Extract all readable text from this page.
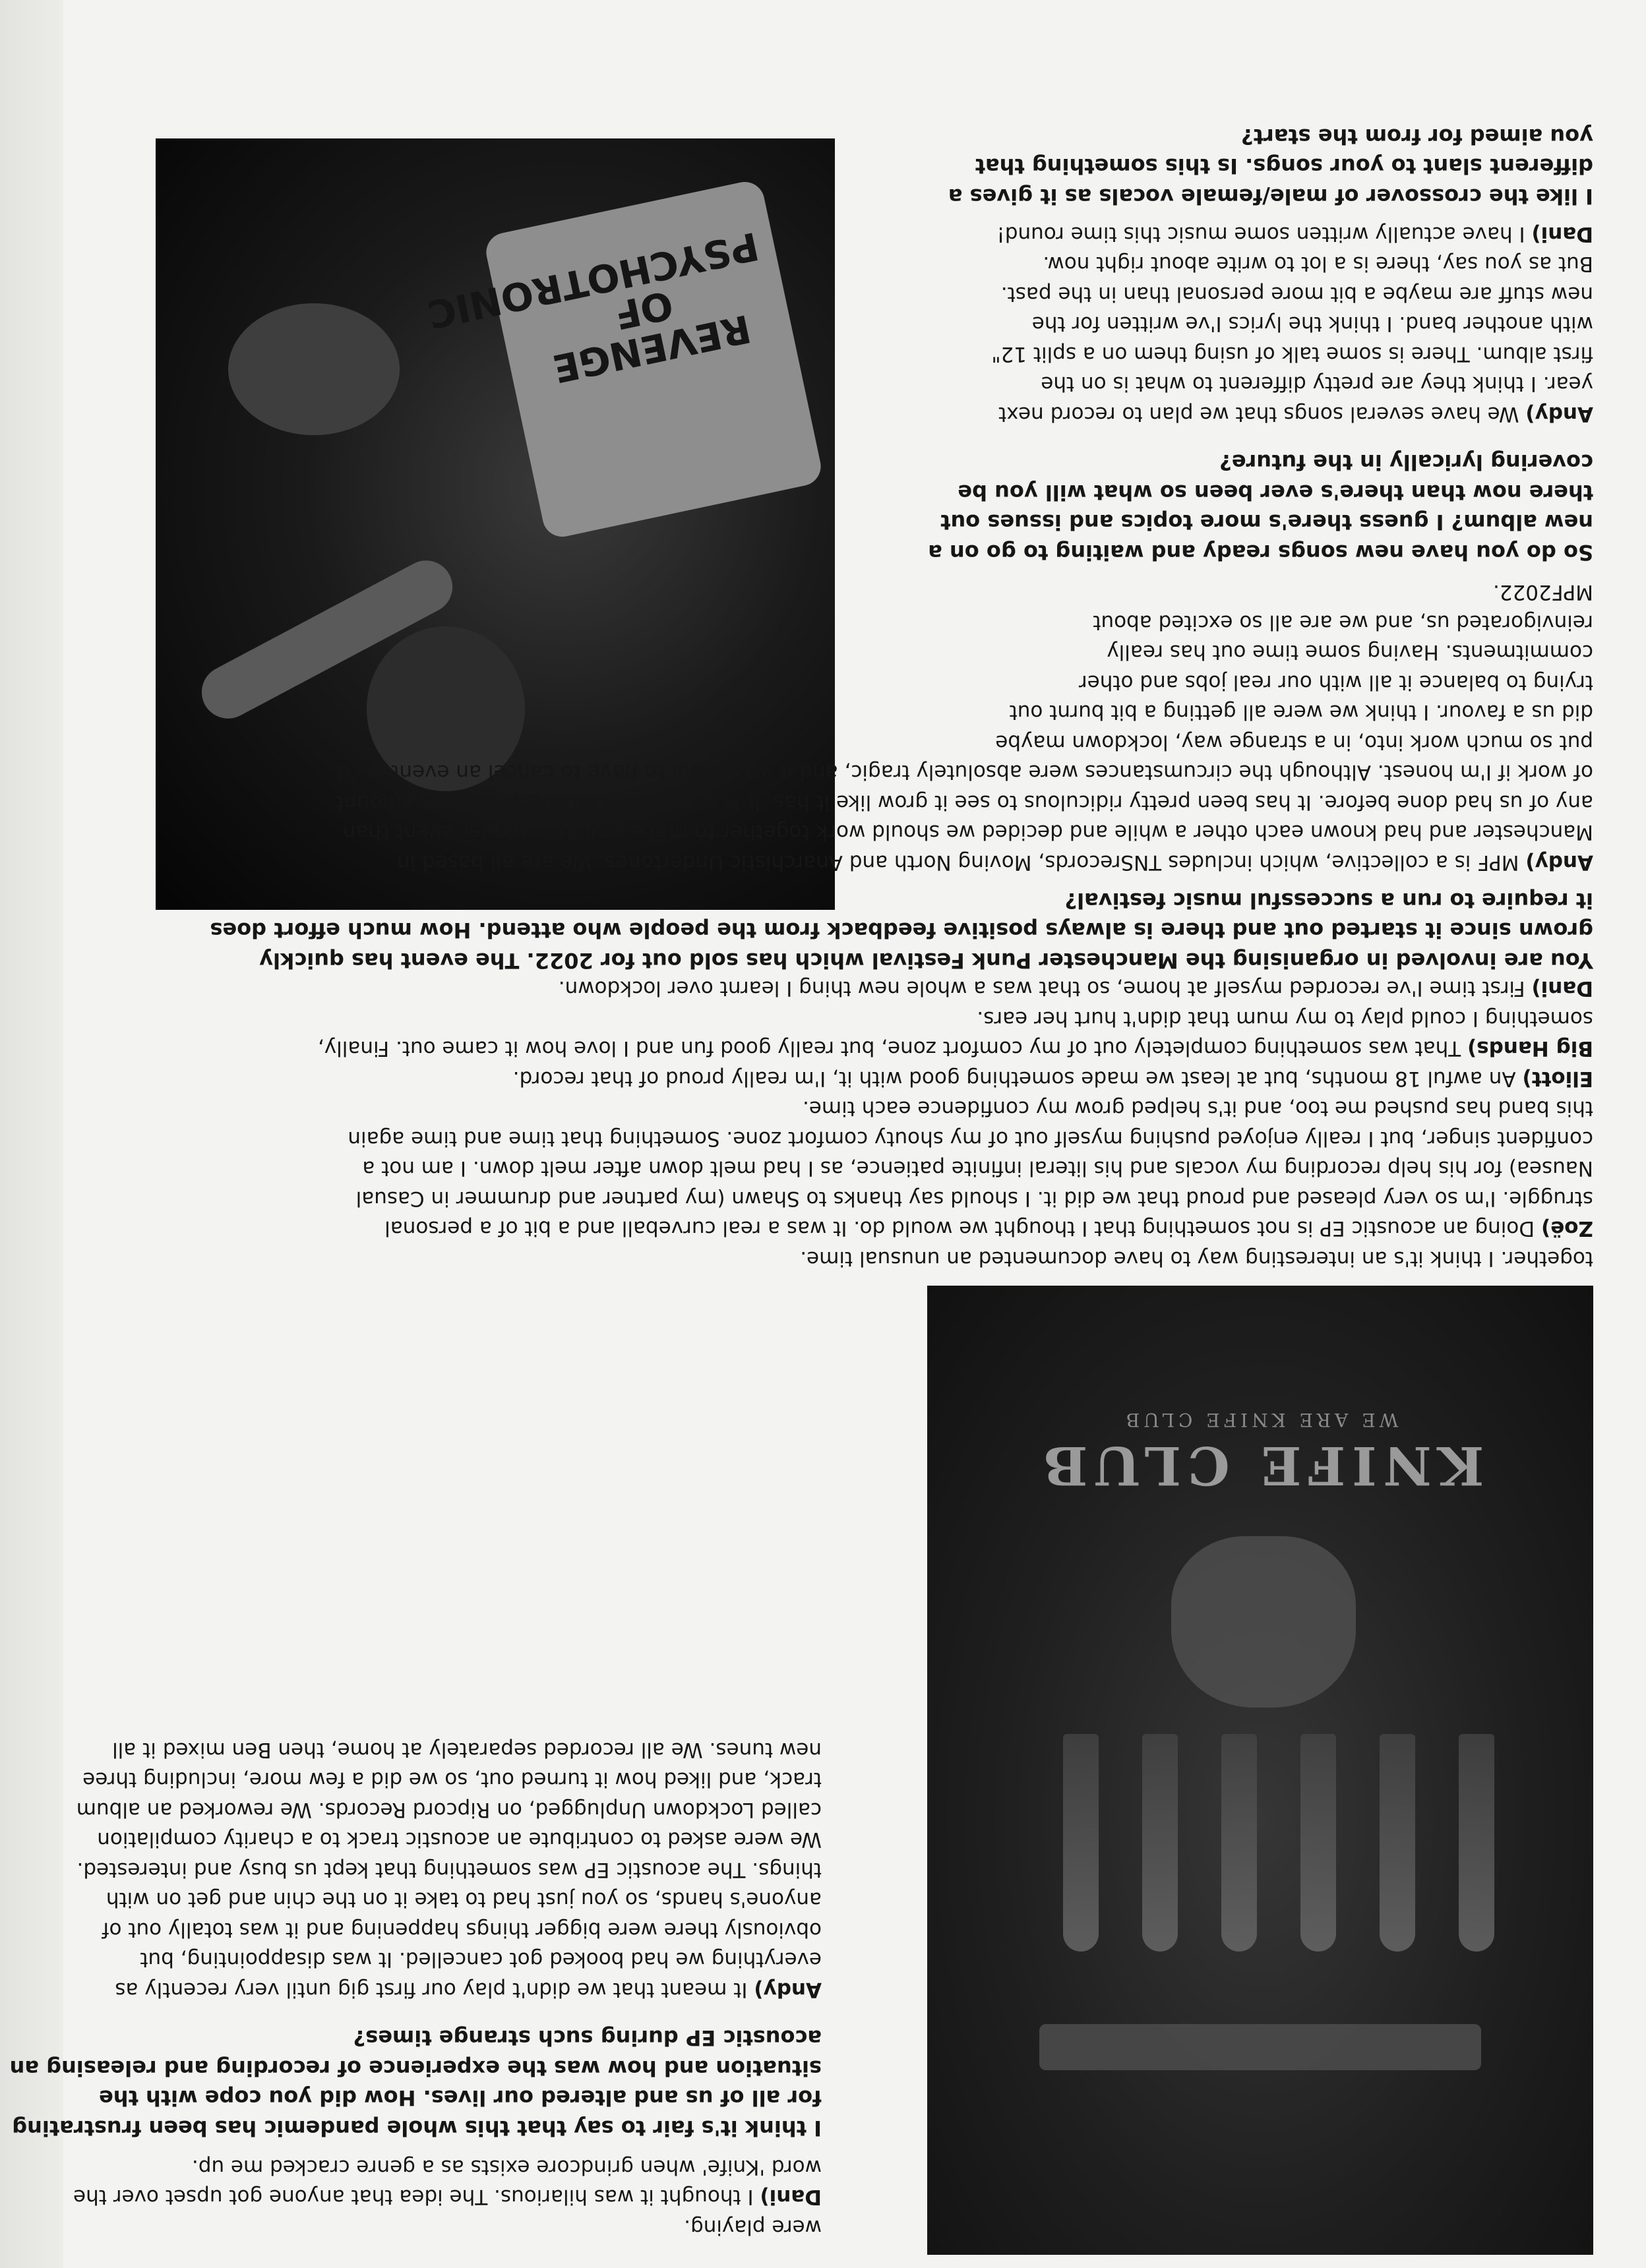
KNIFE CLUB
WE ARE KNIFE CLUB
REVENGE OF PSYCHOTRONIC
were playing.
Dani) I thought it was hilarious. The idea that anyone got upset over the
word 'Knife' when grindcore exists as a genre cracked me up.
I think it's fair to say that this whole pandemic has been frustrating
for all of us and altered our lives. How did you cope with the
situation and how was the experience of recording and releasing an
acoustic EP during such strange times?
Andy) It meant that we didn't play our first gig until very recently as
everything we had booked got cancelled. It was disappointing, but
obviously there were bigger things happening and it was totally out of
anyone's hands, so you just had to take it on the chin and get on with
things. The acoustic EP was something that kept us busy and interested.
We were asked to contribute an acoustic track to a charity compilation
called Lockdown Unplugged, on Ripcord Records. We reworked an album
track, and liked how it turned out, so we did a few more, including three
new tunes. We all recorded separately at home, then Ben mixed it all
together. I think it's an interesting way to have documented an unusual time.
Zoë) Doing an acoustic EP is not something that I thought we would do. It was a real curveball and a bit of a personal
struggle. I'm so very pleased and proud that we did it. I should say thanks to Shawn (my partner and drummer in Casual
Nausea) for his help recording my vocals and his literal infinite patience, as I had melt down after melt down. I am not a
confident singer, but I really enjoyed pushing myself out of my shouty comfort zone. Something that time and time again
this band has pushed me too, and it's helped grow my confidence each time.
Eliott) An awful 18 months, but at least we made something good with it, I'm really proud of that record.
Big Hands) That was something completely out of my comfort zone, but really good fun and I love how it came out. Finally,
something I could play to my mum that didn't hurt her ears.
Dani) First time I've recorded myself at home, so that was a whole new thing I learnt over lockdown.
You are involved in organising the Manchester Punk Festival which has sold out for 2022. The event has quickly
grown since it started out and there is always positive feedback from the people who attend. How much effort does
it require to run a successful music festival?
Andy) MPF is a collective, which includes TNSrecords, Moving North and Anarchistic Undertones. We are all based in
Manchester and had known each other a while and decided we should work together to make a slightly bigger event than
any of us had done before. It has been pretty ridiculous to see it grow like it has. It is sometimes an overwhelming amount
of work if I'm honest. Although the circumstances were absolutely tragic, and it was awful to have to cancel an event we'd
put so much work into, in a strange way, lockdown maybe
did us a favour. I think we were all getting a bit burnt out
trying to balance it all with our real jobs and other
commitments. Having some time out has really
reinvigorated us, and we are all so excited about
MPF2022.
So do you have new songs ready and waiting to go on a
new album? I guess there's more topics and issues out
there now than there's ever been so what will you be
covering lyrically in the future?
Andy) We have several songs that we plan to record next
year. I think they are pretty different to what is on the
first album. There is some talk of using them on a split 12"
with another band. I think the lyrics I've written for the
new stuff are maybe a bit more personal than in the past.
But as you say, there is a lot to write about right now.
Dani) I have actually written some music this time round!
I like the crossover of male/female vocals as it gives a
different slant to your songs. Is this something that
you aimed for from the start?
